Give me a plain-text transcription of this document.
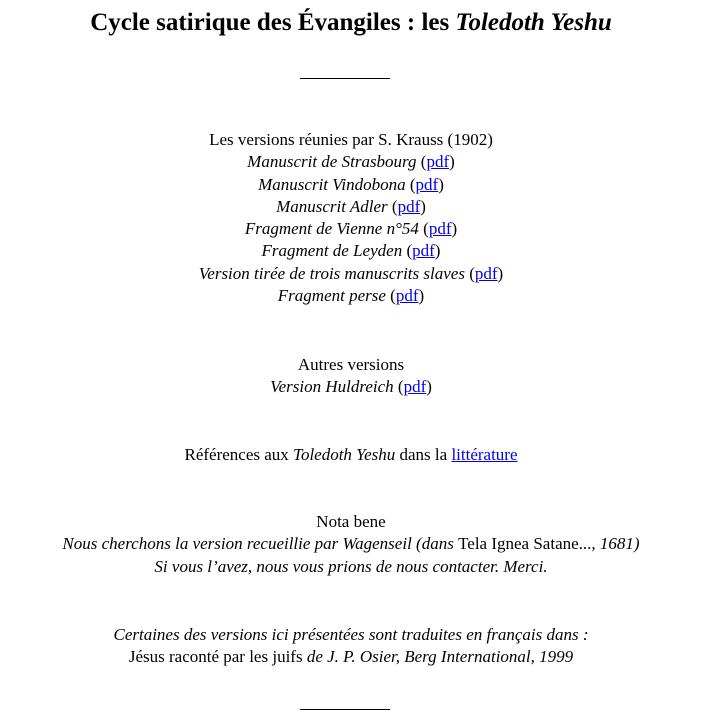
Cycle satirique des Évangiles : les Toledoth Yeshu
Les versions réunies par S. Krauss (1902)
Manuscrit de Strasbourg (pdf)
Manuscrit Vindobona (pdf)
Manuscrit Adler (pdf)
Fragment de Vienne n°54 (pdf)
Fragment de Leyden (pdf)
Version tirée de trois manuscrits slaves (pdf)
Fragment perse (pdf)
Autres versions
Version Huldreich (pdf)
Références aux Toledoth Yeshu dans la littérature
Nota bene
Nous cherchons la version recueillie par Wagenseil (dans Tela Ignea Satane..., 1681)
Si vous l’avez, nous vous prions de nous contacter. Merci.
Certaines des versions ici présentées sont traduites en français dans :
Jésus raconté par les juifs de J. P. Osier, Berg International, 1999
